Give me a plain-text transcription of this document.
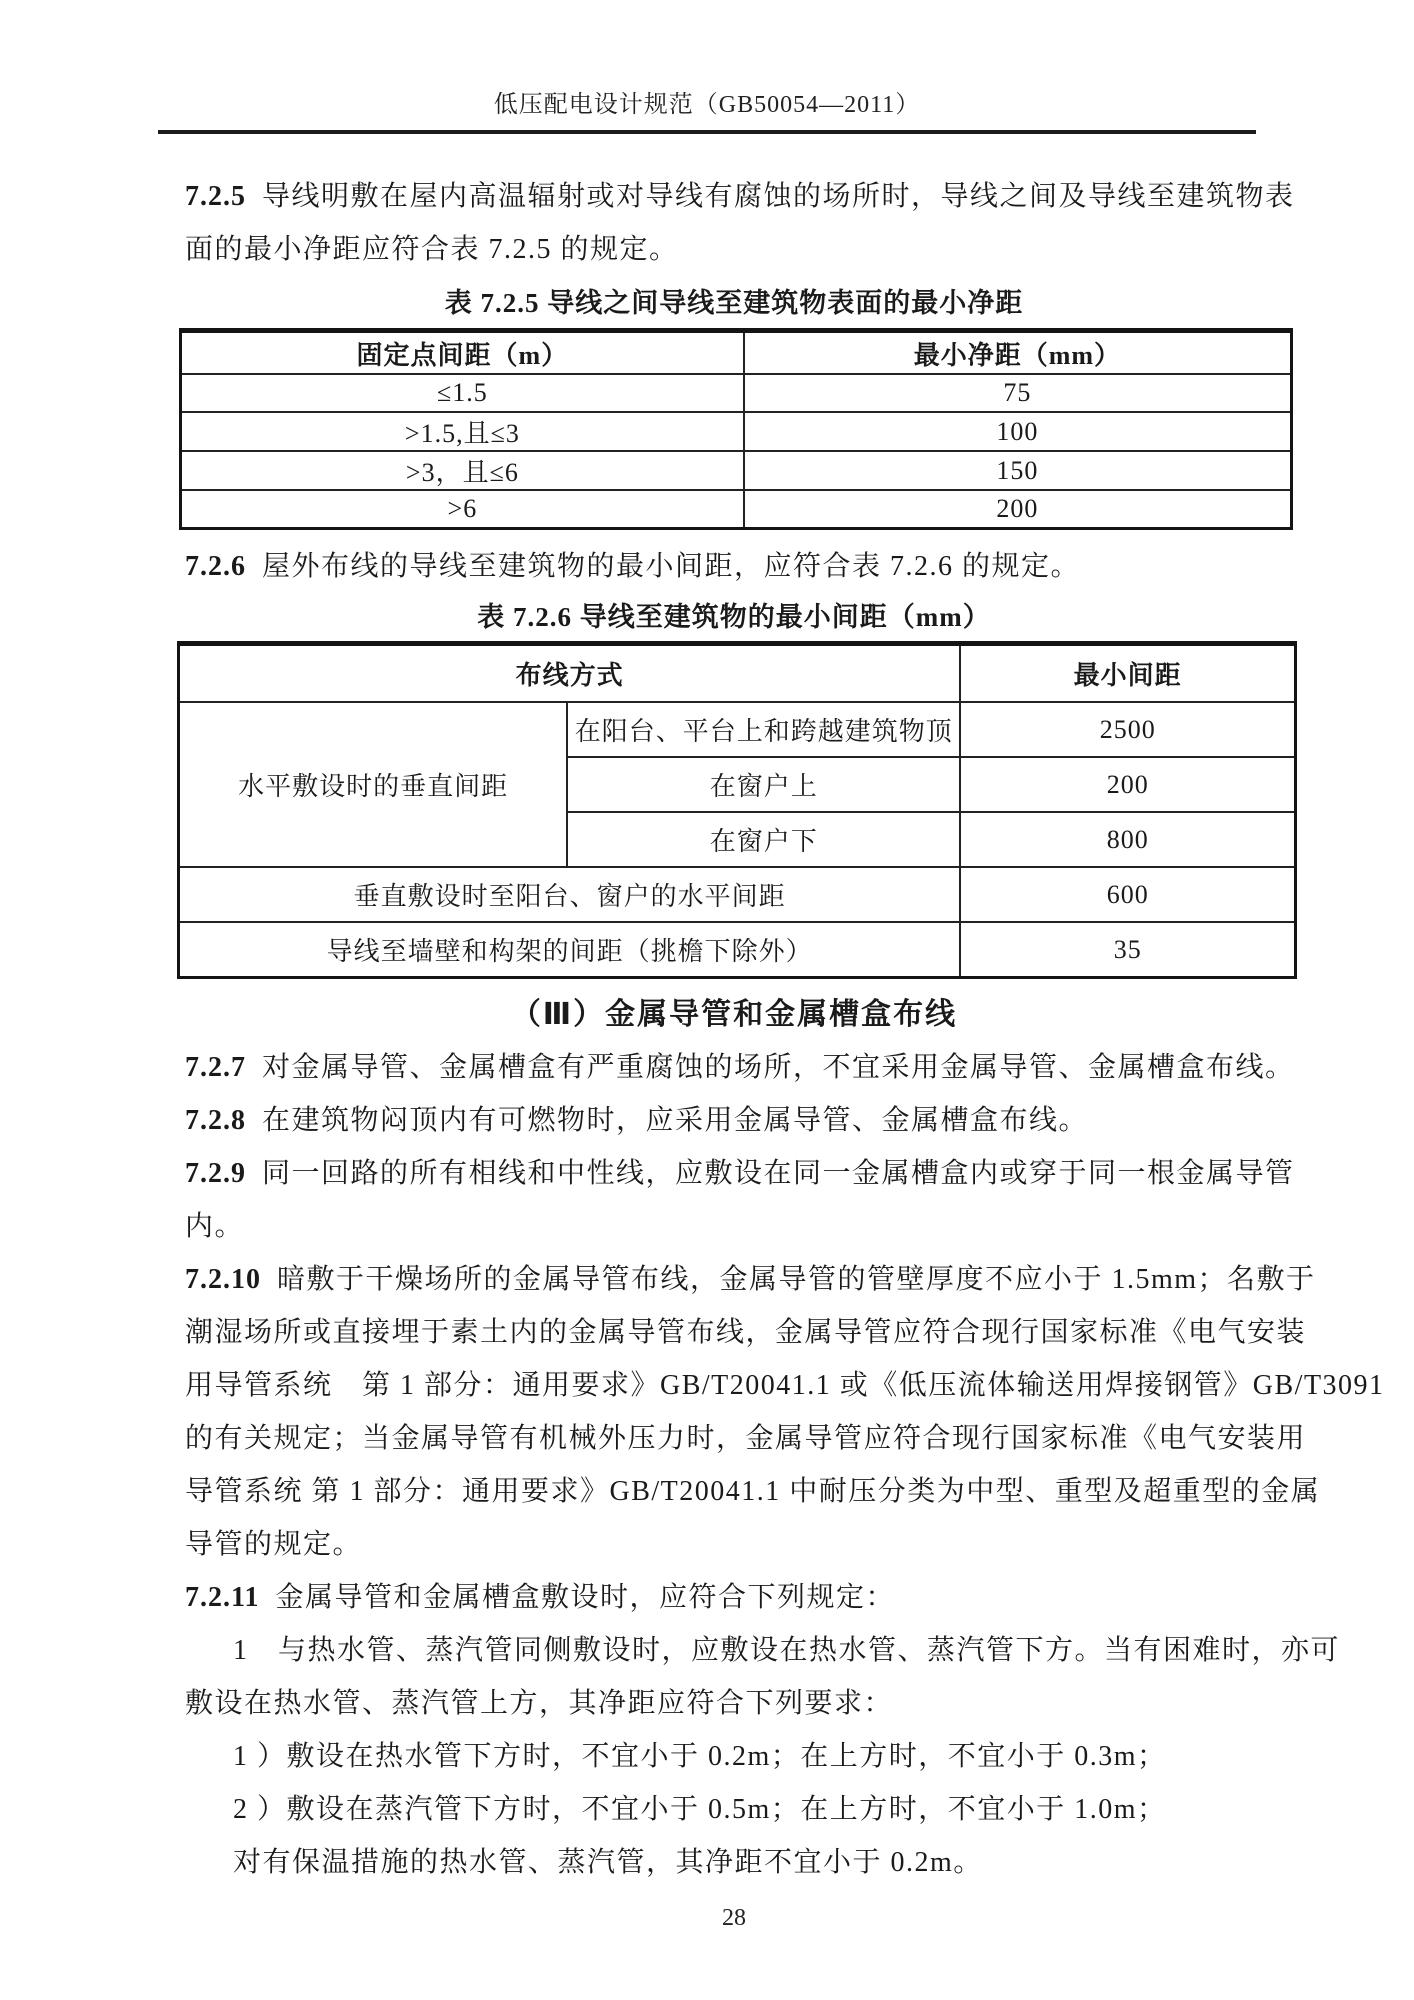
低压配电设计规范（GB50054—2011）
7.2.5 导线明敷在屋内高温辐射或对导线有腐蚀的场所时，导线之间及导线至建筑物表
面的最小净距应符合表 7.2.5 的规定。
表 7.2.5 导线之间导线至建筑物表面的最小净距
固定点间距（m）	最小净距（mm）
≤1.5	75
>1.5,且≤3	100
>3，且≤6	150
>6	200
7.2.6 屋外布线的导线至建筑物的最小间距，应符合表 7.2.6 的规定。
表 7.2.6 导线至建筑物的最小间距（mm）
布线方式		最小间距
水平敷设时的垂直间距	在阳台、平台上和跨越建筑物顶	2500
	在窗户上	200
	在窗户下	800
垂直敷设时至阳台、窗户的水平间距		600
导线至墙壁和构架的间距（挑檐下除外）		35
（Ⅲ）金属导管和金属槽盒布线
7.2.7 对金属导管、金属槽盒有严重腐蚀的场所，不宜采用金属导管、金属槽盒布线。
7.2.8 在建筑物闷顶内有可燃物时，应采用金属导管、金属槽盒布线。
7.2.9 同一回路的所有相线和中性线，应敷设在同一金属槽盒内或穿于同一根金属导管
内。
7.2.10 暗敷于干燥场所的金属导管布线，金属导管的管壁厚度不应小于 1.5mm；名敷于
潮湿场所或直接埋于素土内的金属导管布线，金属导管应符合现行国家标准《电气安装
用导管系统　第 1 部分：通用要求》GB/T20041.1 或《低压流体输送用焊接钢管》GB/T3091
的有关规定；当金属导管有机械外压力时，金属导管应符合现行国家标准《电气安装用
导管系统 第 1 部分：通用要求》GB/T20041.1 中耐压分类为中型、重型及超重型的金属
导管的规定。
7.2.11 金属导管和金属槽盒敷设时，应符合下列规定：
1　与热水管、蒸汽管同侧敷设时，应敷设在热水管、蒸汽管下方。当有困难时，亦可
敷设在热水管、蒸汽管上方，其净距应符合下列要求：
1 ）敷设在热水管下方时，不宜小于 0.2m；在上方时，不宜小于 0.3m；
2 ）敷设在蒸汽管下方时，不宜小于 0.5m；在上方时，不宜小于 1.0m；
对有保温措施的热水管、蒸汽管，其净距不宜小于 0.2m。
28
